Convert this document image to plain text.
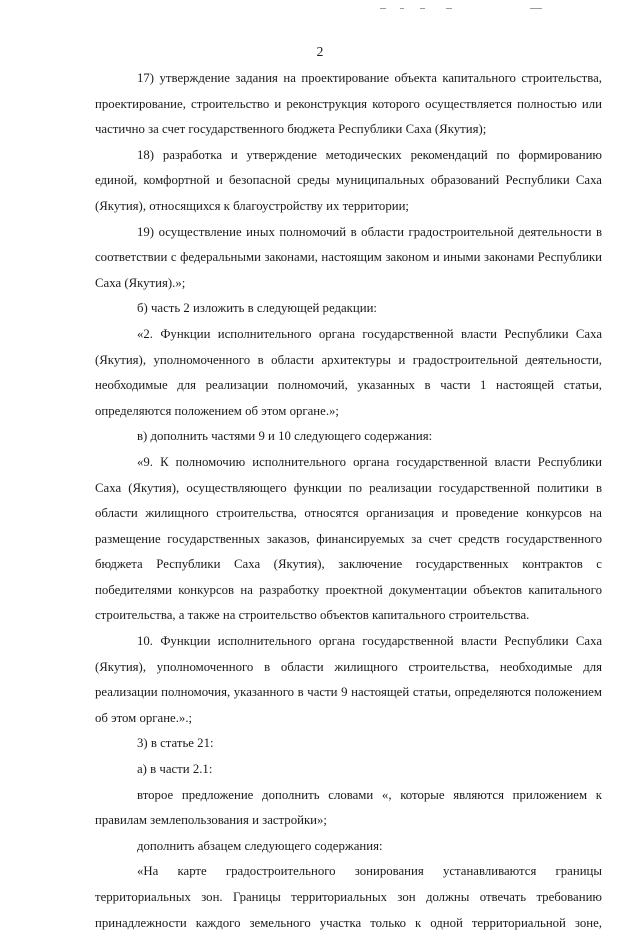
2

17) утверждение задания на проектирование объекта капитального строительства, проектирование, строительство и реконструкция которого осуществляется полностью или частично за счет государственного бюджета Республики Саха (Якутия);

18) разработка и утверждение методических рекомендаций по формированию единой, комфортной и безопасной среды муниципальных образований Республики Саха (Якутия), относящихся к благоустройству их территории;

19) осуществление иных полномочий в области градостроительной деятельности в соответствии с федеральными законами, настоящим законом и иными законами Республики Саха (Якутия).»;

б) часть 2 изложить в следующей редакции:

«2. Функции исполнительного органа государственной власти Республики Саха (Якутия), уполномоченного в области архитектуры и градостроительной деятельности, необходимые для реализации полномочий, указанных в части 1 настоящей статьи, определяются положением об этом органе.»;

в) дополнить частями 9 и 10 следующего содержания:

«9. К полномочию исполнительного органа государственной власти Республики Саха (Якутия), осуществляющего функции по реализации государственной политики в области жилищного строительства, относятся организация и проведение конкурсов на размещение государственных заказов, финансируемых за счет средств государственного бюджета Республики Саха (Якутия), заключение государственных контрактов с победителями конкурсов на разработку проектной документации объектов капитального строительства, а также на строительство объектов капитального строительства.

10. Функции исполнительного органа государственной власти Республики Саха (Якутия), уполномоченного в области жилищного строительства, необходимые для реализации полномочия, указанного в части 9 настоящей статьи, определяются положением об этом органе.».;

3) в статье 21:

а) в части 2.1:

второе предложение дополнить словами «, которые являются приложением к правилам землепользования и застройки»;

дополнить абзацем следующего содержания:

«На карте градостроительного зонирования устанавливаются границы территориальных зон. Границы территориальных зон должны отвечать требованию принадлежности каждого земельного участка только к одной территориальной зоне,
